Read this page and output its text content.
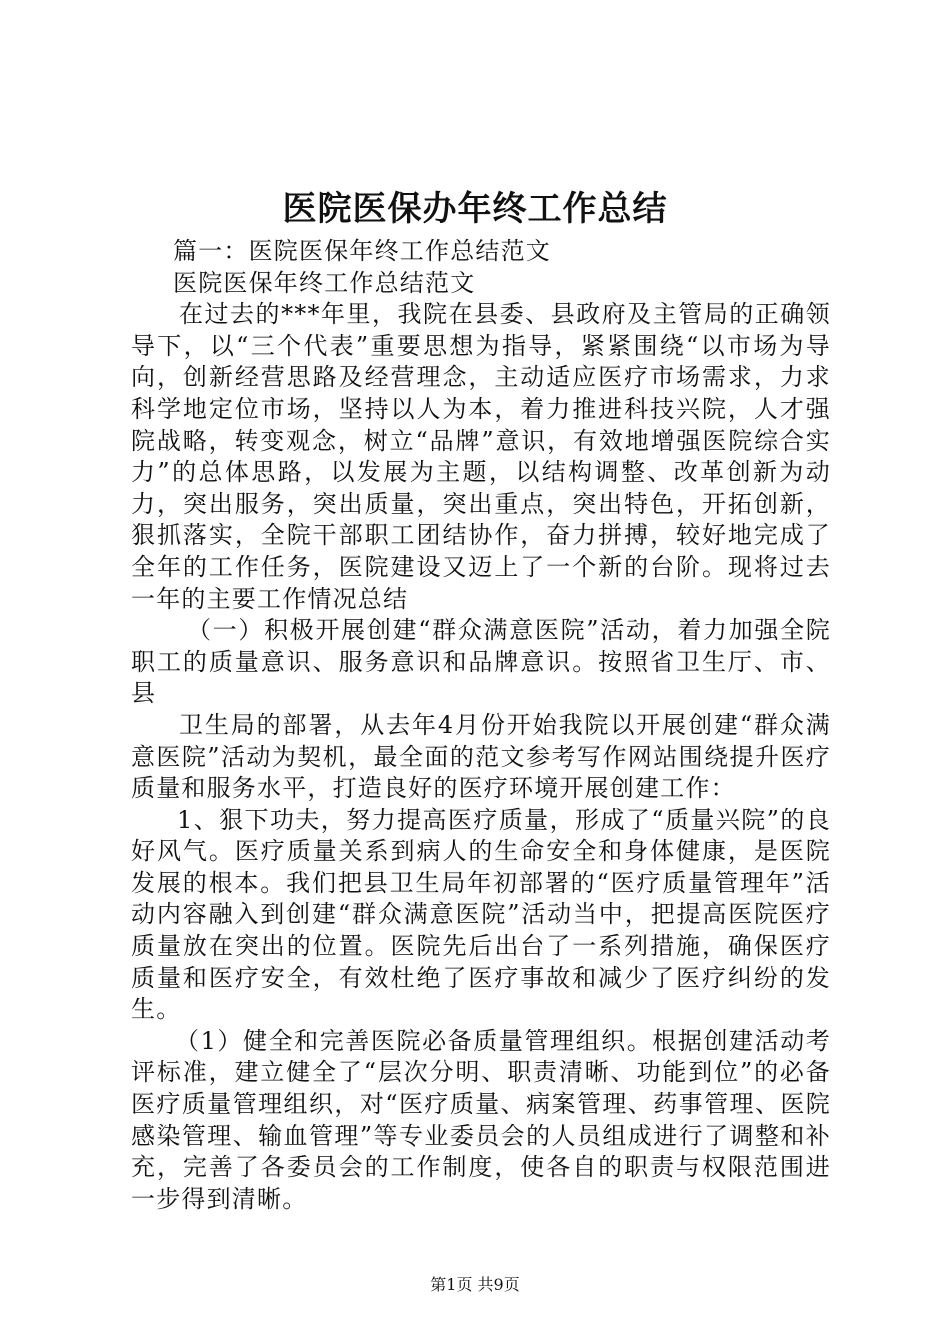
医院医保办年终工作总结

篇一：医院医保年终工作总结范文

医院医保年终工作总结范文

在过去的***年里，我院在县委、县政府及主管局的正确领导下，以“三个代表”重要思想为指导，紧紧围绕“以市场为导向，创新经营思路及经营理念，主动适应医疗市场需求，力求科学地定位市场，坚持以人为本，着力推进科技兴院，人才强院战略，转变观念，树立“品牌”意识，有效地增强医院综合实力”的总体思路，以发展为主题，以结构调整、改革创新为动力，突出服务，突出质量，突出重点，突出特色，开拓创新，狠抓落实，全院干部职工团结协作，奋力拼搏，较好地完成了全年的工作任务，医院建设又迈上了一个新的台阶。现将过去一年的主要工作情况总结

（一）积极开展创建“群众满意医院”活动，着力加强全院职工的质量意识、服务意识和品牌意识。按照省卫生厅、市、县

卫生局的部署，从去年4月份开始我院以开展创建“群众满意医院”活动为契机，最全面的范文参考写作网站围绕提升医疗质量和服务水平，打造良好的医疗环境开展创建工作：

1、狠下功夫，努力提高医疗质量，形成了“质量兴院”的良好风气。医疗质量关系到病人的生命安全和身体健康，是医院发展的根本。我们把县卫生局年初部署的“医疗质量管理年”活动内容融入到创建“群众满意医院”活动当中，把提高医院医疗质量放在突出的位置。医院先后出台了一系列措施，确保医疗质量和医疗安全，有效杜绝了医疗事故和减少了医疗纠纷的发生。

（1）健全和完善医院必备质量管理组织。根据创建活动考评标准，建立健全了“层次分明、职责清晰、功能到位”的必备医疗质量管理组织，对“医疗质量、病案管理、药事管理、医院感染管理、输血管理”等专业委员会的人员组成进行了调整和补充，完善了各委员会的工作制度，使各自的职责与权限范围进一步得到清晰。

第1页 共9页
